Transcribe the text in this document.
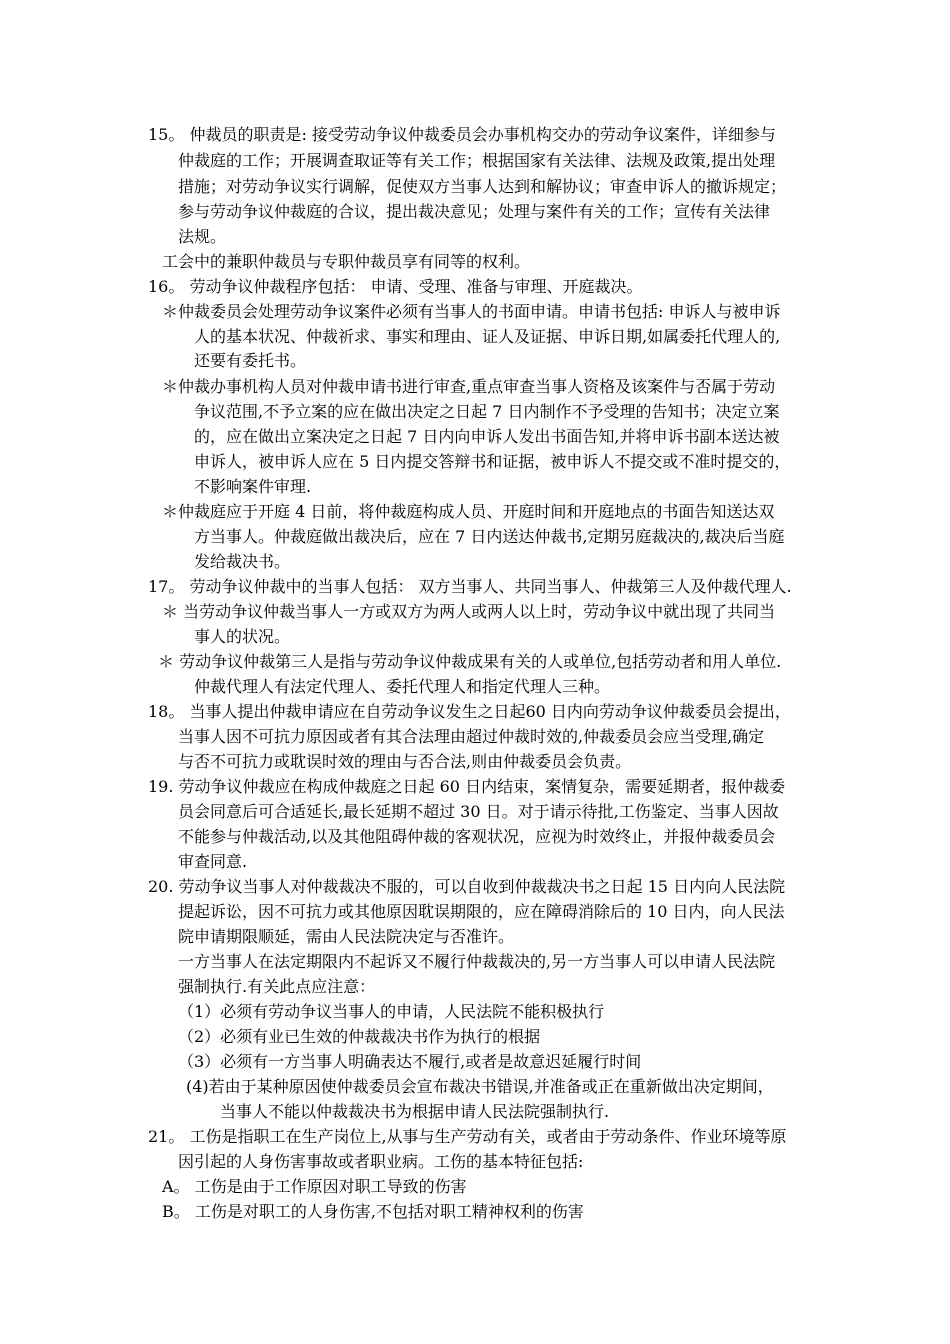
15。 仲裁员的职责是: 接受劳动争议仲裁委员会办事机构交办的劳动争议案件，详细参与
仲裁庭的工作；开展调查取证等有关工作；根据国家有关法律、法规及政策,提出处理
措施；对劳动争议实行调解，促使双方当事人达到和解协议；审查申诉人的撤诉规定；
参与劳动争议仲裁庭的合议，提出裁决意见；处理与案件有关的工作；宣传有关法律
法规。
工会中的兼职仲裁员与专职仲裁员享有同等的权利。
16。 劳动争议仲裁程序包括： 申请、受理、准备与审理、开庭裁决。
＊仲裁委员会处理劳动争议案件必须有当事人的书面申请。申请书包括: 申诉人与被申诉
人的基本状况、仲裁祈求、事实和理由、证人及证据、申诉日期,如属委托代理人的,
还要有委托书。
＊仲裁办事机构人员对仲裁申请书进行审查,重点审查当事人资格及该案件与否属于劳动
争议范围,不予立案的应在做出决定之日起 7 日内制作不予受理的告知书；决定立案
的，应在做出立案决定之日起 7 日内向申诉人发出书面告知,并将申诉书副本送达被
申诉人，被申诉人应在 5 日内提交答辩书和证据，被申诉人不提交或不准时提交的，
不影响案件审理.
＊仲裁庭应于开庭 4 日前，将仲裁庭构成人员、开庭时间和开庭地点的书面告知送达双
方当事人。仲裁庭做出裁决后，应在 7 日内送达仲裁书,定期另庭裁决的,裁决后当庭
发给裁决书。
17。 劳动争议仲裁中的当事人包括： 双方当事人、共同当事人、仲裁第三人及仲裁代理人.
＊ 当劳动争议仲裁当事人一方或双方为两人或两人以上时，劳动争议中就出现了共同当
事人的状况。
＊ 劳动争议仲裁第三人是指与劳动争议仲裁成果有关的人或单位,包括劳动者和用人单位.
仲裁代理人有法定代理人、委托代理人和指定代理人三种。
18。 当事人提出仲裁申请应在自劳动争议发生之日起60 日内向劳动争议仲裁委员会提出，
当事人因不可抗力原因或者有其合法理由超过仲裁时效的,仲裁委员会应当受理,确定
与否不可抗力或耽误时效的理由与否合法,则由仲裁委员会负责。
19. 劳动争议仲裁应在构成仲裁庭之日起 60 日内结束，案情复杂，需要延期者，报仲裁委
员会同意后可合适延长,最长延期不超过 30 日。对于请示待批,工伤鉴定、当事人因故
不能参与仲裁活动,以及其他阻碍仲裁的客观状况，应视为时效终止，并报仲裁委员会
审查同意.
20. 劳动争议当事人对仲裁裁决不服的，可以自收到仲裁裁决书之日起 15 日内向人民法院
提起诉讼，因不可抗力或其他原因耽误期限的，应在障碍消除后的 10 日内，向人民法
院申请期限顺延，需由人民法院决定与否准许。
一方当事人在法定期限内不起诉又不履行仲裁裁决的,另一方当事人可以申请人民法院
强制执行.有关此点应注意：
（1）必须有劳动争议当事人的申请，人民法院不能积极执行
（2）必须有业已生效的仲裁裁决书作为执行的根据
（3）必须有一方当事人明确表达不履行,或者是故意迟延履行时间
(4)若由于某种原因使仲裁委员会宣布裁决书错误,并准备或正在重新做出决定期间，
当事人不能以仲裁裁决书为根据申请人民法院强制执行.
21。 工伤是指职工在生产岗位上,从事与生产劳动有关，或者由于劳动条件、作业环境等原
因引起的人身伤害事故或者职业病。工伤的基本特征包括:
A。 工伤是由于工作原因对职工导致的伤害
B。 工伤是对职工的人身伤害,不包括对职工精神权利的伤害
